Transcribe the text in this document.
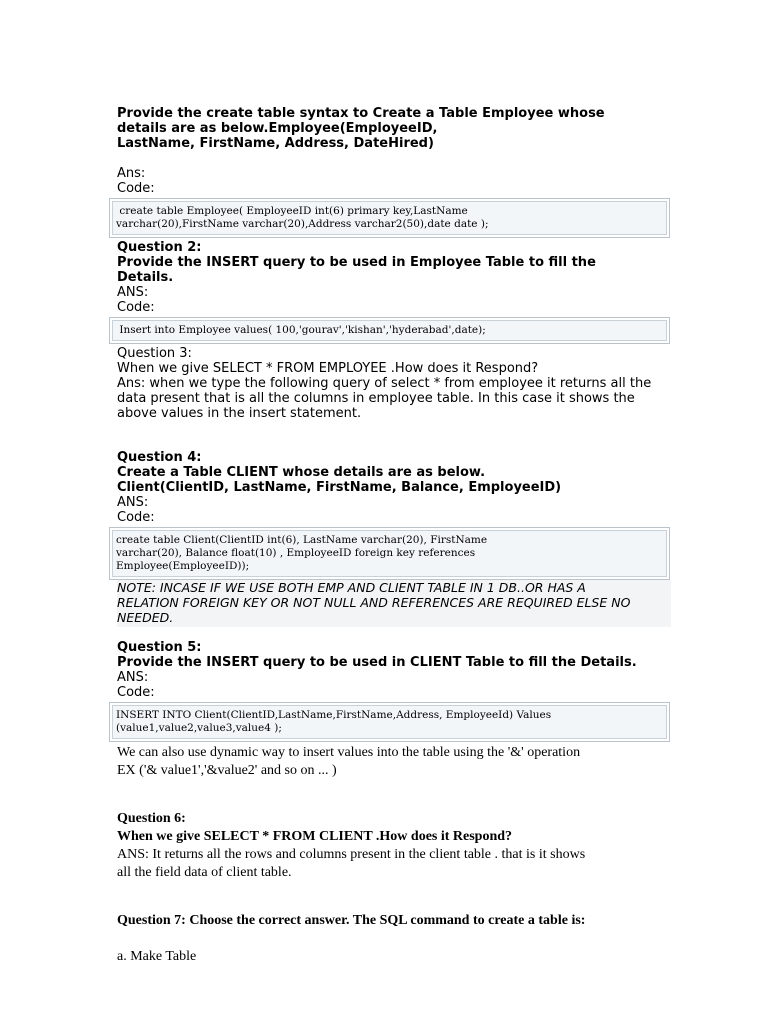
Provide the create table syntax to Create a Table Employee whose

details are as below.Employee(EmployeeID,

LastName, FirstName, Address, DateHired)

Ans:

Code:

create table Employee( EmployeeID int(6) primary key,LastName
varchar(20),FirstName varchar(20),Address varchar2(50),date date );

Question 2:

Provide the INSERT query to be used in Employee Table to fill the

Details.

ANS:

Code:

Insert into Employee values( 100,'gourav','kishan','hyderabad',date);

Question 3:

When we give SELECT * FROM EMPLOYEE .How does it Respond?

Ans: when we type the following query of select * from employee it returns all the

data present that is all the columns in employee table. In this case it shows the

above values in the insert statement.

Question 4:

Create a Table CLIENT whose details are as below.

Client(ClientID, LastName, FirstName, Balance, EmployeeID)

ANS:

Code:

create table Client(ClientID int(6), LastName varchar(20), FirstName
varchar(20), Balance float(10) , EmployeeID foreign key references
Employee(EmployeeID));

NOTE: INCASE IF WE USE BOTH EMP AND CLIENT TABLE IN 1 DB..OR HAS A

RELATION FOREIGN KEY OR NOT NULL AND REFERENCES ARE REQUIRED ELSE NO

NEEDED.

Question 5:

Provide the INSERT query to be used in CLIENT Table to fill the Details.

ANS:

Code:

INSERT INTO Client(ClientID,LastName,FirstName,Address, EmployeeId) Values
(value1,value2,value3,value4 );

We can also use dynamic way to insert values into the table using the '&' operation

EX ('& value1','&value2' and so on ... )

Question 6:

When we give SELECT * FROM CLIENT .How does it Respond?

ANS: It returns all the rows and columns present in the client table . that is it shows

all the field data of client table.

Question 7: Choose the correct answer. The SQL command to create a table is:

a. Make Table
